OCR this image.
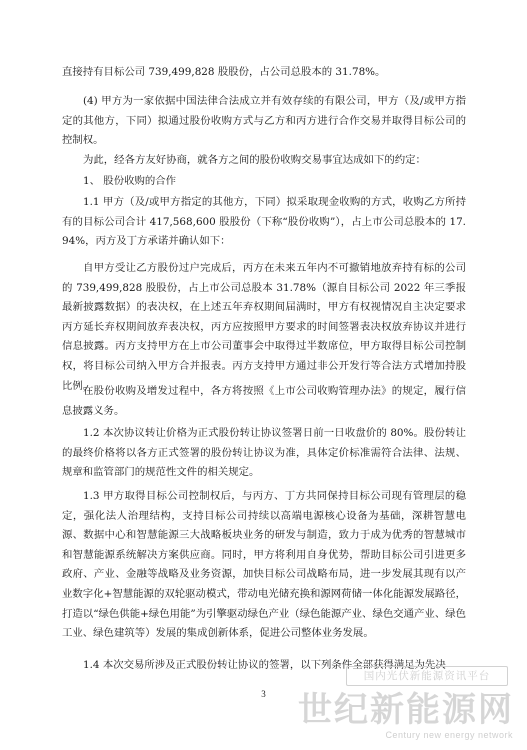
直接持有目标公司 739,499,828 股股份，占公司总股本的 31.78%。

(4) 甲方为一家依据中国法律合法成立并有效存续的有限公司，甲方（及/或甲方指定的其他方，下同）拟通过股份收购方式与乙方和丙方进行合作交易并取得目标公司的控制权。

为此，经各方友好协商，就各方之间的股份收购交易事宜达成如下的约定：

1、 股份收购的合作

1.1 甲方（及/或甲方指定的其他方，下同）拟采取现金收购的方式，收购乙方所持有的目标公司合计 417,568,600 股股份（下称“股份收购”），占上市公司总股本的 17.94%，丙方及丁方承诺并确认如下：

自甲方受让乙方股份过户完成后，丙方在未来五年内不可撤销地放弃持有标的公司的 739,499,828 股股份，占上市公司总股本 31.78%（源自目标公司 2022 年三季报最新披露数据）的表决权，在上述五年弃权期间届满时，甲方有权视情况自主决定要求丙方延长弃权期间放弃表决权，丙方应按照甲方要求的时间签署表决权放弃协议并进行信息披露。丙方支持甲方在上市公司董事会中取得过半数席位，甲方取得目标公司控制权，将目标公司纳入甲方合并报表。丙方支持甲方通过非公开发行等合法方式增加持股比例。

在股份收购及增发过程中，各方将按照《上市公司收购管理办法》的规定，履行信息披露义务。

1.2 本次协议转让价格为正式股份转让协议签署日前一日收盘价的 80%。股份转让的最终价格将以各方正式签署的股份转让协议为准，具体定价标准需符合法律、法规、规章和监管部门的规范性文件的相关规定。

1.3 甲方取得目标公司控制权后，与丙方、丁方共同保持目标公司现有管理层的稳定，强化法人治理结构，支持目标公司持续以高端电源核心设备为基础，深耕智慧电源、数据中心和智慧能源三大战略板块业务的研发与制造，致力于成为优秀的智慧城市和智慧能源系统解决方案供应商。同时，甲方将利用自身优势，帮助目标公司引进更多政府、产业、金融等战略及业务资源，加快目标公司战略布局，进一步发展其现有以产业数字化+智慧能源的双轮驱动模式，带动电光储充换和源网荷储一体化能源发展路径，打造以“绿色供能+绿色用能”为引擎驱动绿色产业（绿色能源产业、绿色交通产业、绿色工业、绿色建筑等）发展的集成创新体系，促进公司整体业务发展。

1.4 本次交易所涉及正式股份转让协议的签署，以下列条件全部获得满足为先决

3
国内光伏新能源资讯平台
世纪新能源网
Century new energy network
